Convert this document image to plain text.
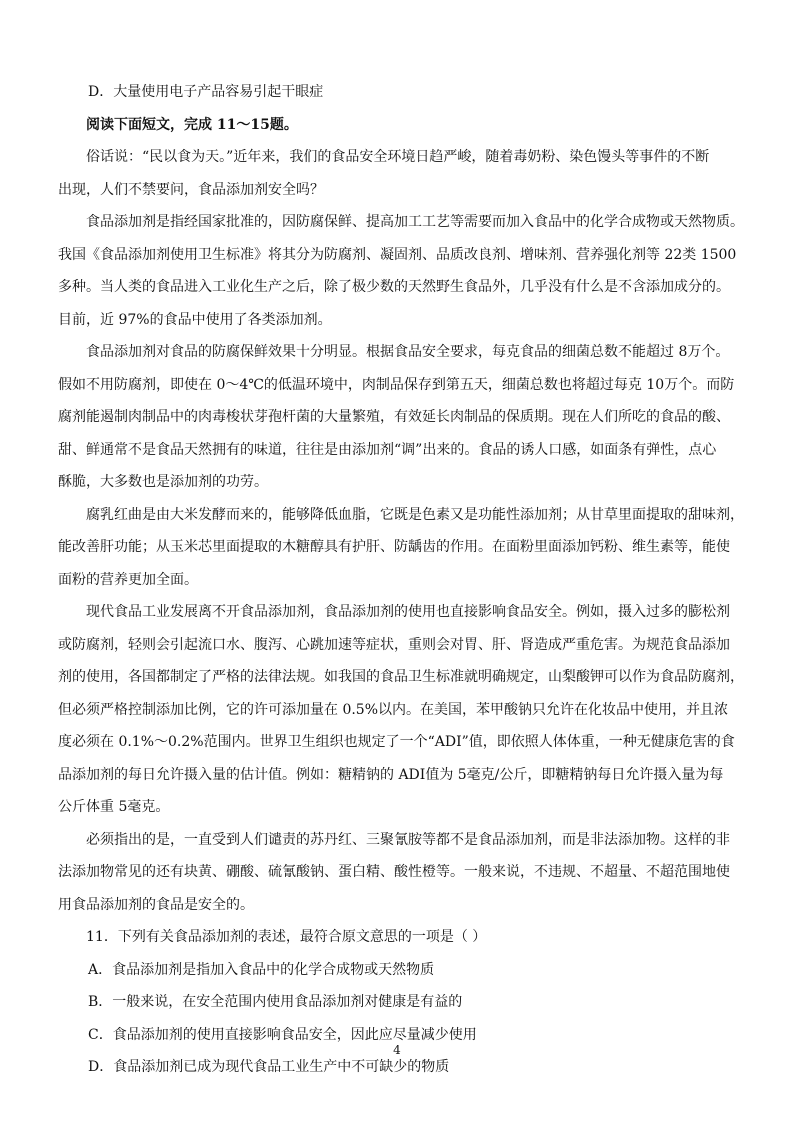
D．大量使用电子产品容易引起干眼症
阅读下面短文，完成 11～15题。

俗话说：“民以食为天。”近年来，我们的食品安全环境日趋严峻，随着毒奶粉、染色馒头等事件的不断
出现，人们不禁要问，食品添加剂安全吗？

食品添加剂是指经国家批准的，因防腐保鲜、提高加工工艺等需要而加入食品中的化学合成物或天然物质。
我国《食品添加剂使用卫生标准》将其分为防腐剂、凝固剂、品质改良剂、增味剂、营养强化剂等 22类 1500
多种。当人类的食品进入工业化生产之后，除了极少数的天然野生食品外，几乎没有什么是不含添加成分的。
目前，近 97%的食品中使用了各类添加剂。

食品添加剂对食品的防腐保鲜效果十分明显。根据食品安全要求，每克食品的细菌总数不能超过 8万个。
假如不用防腐剂，即使在 0～4℃的低温环境中，肉制品保存到第五天，细菌总数也将超过每克 10万个。而防
腐剂能遏制肉制品中的肉毒梭状芽孢杆菌的大量繁殖，有效延长肉制品的保质期。现在人们所吃的食品的酸、
甜、鲜通常不是食品天然拥有的味道，往往是由添加剂“调”出来的。食品的诱人口感，如面条有弹性，点心
酥脆，大多数也是添加剂的功劳。

腐乳红曲是由大米发酵而来的，能够降低血脂，它既是色素又是功能性添加剂；从甘草里面提取的甜味剂，
能改善肝功能；从玉米芯里面提取的木糖醇具有护肝、防龋齿的作用。在面粉里面添加钙粉、维生素等，能使
面粉的营养更加全面。

现代食品工业发展离不开食品添加剂，食品添加剂的使用也直接影响食品安全。例如，摄入过多的膨松剂
或防腐剂，轻则会引起流口水、腹泻、心跳加速等症状，重则会对胃、肝、肾造成严重危害。为规范食品添加
剂的使用，各国都制定了严格的法律法规。如我国的食品卫生标准就明确规定，山梨酸钾可以作为食品防腐剂，
但必须严格控制添加比例，它的许可添加量在 0.5%以内。在美国，苯甲酸钠只允许在化妆品中使用，并且浓
度必须在 0.1%～0.2%范围内。世界卫生组织也规定了一个“ADI”值，即依照人体体重，一种无健康危害的食
品添加剂的每日允许摄入量的估计值。例如：糖精钠的 ADI值为 5毫克/公斤，即糖精钠每日允许摄入量为每
公斤体重 5毫克。

必须指出的是，一直受到人们谴责的苏丹红、三聚氰胺等都不是食品添加剂，而是非法添加物。这样的非
法添加物常见的还有块黄、硼酸、硫氰酸钠、蛋白精、酸性橙等。一般来说，不违规、不超量、不超范围地使
用食品添加剂的食品是安全的。

11．下列有关食品添加剂的表述，最符合原文意思的一项是（ ）
A．食品添加剂是指加入食品中的化学合成物或天然物质
B．一般来说，在安全范围内使用食品添加剂对健康是有益的
C．食品添加剂的使用直接影响食品安全，因此应尽量减少使用
D．食品添加剂已成为现代食品工业生产中不可缺少的物质
4
